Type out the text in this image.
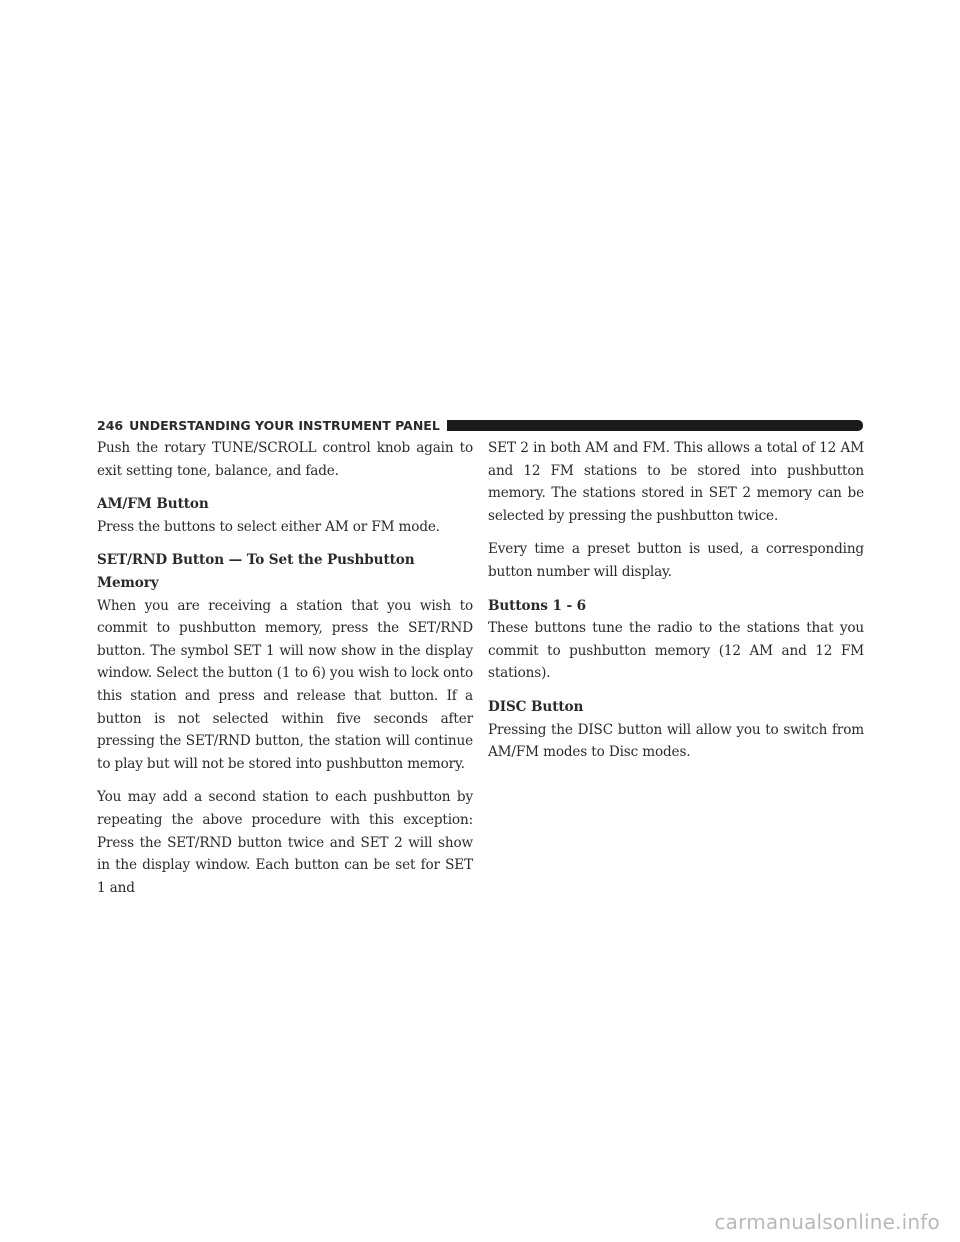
246 UNDERSTANDING YOUR INSTRUMENT PANEL

Push the rotary TUNE/SCROLL control knob again to exit setting tone, balance, and fade.

AM/FM Button

Press the buttons to select either AM or FM mode.

SET/RND Button — To Set the Pushbutton Memory

When you are receiving a station that you wish to commit to pushbutton memory, press the SET/RND button. The symbol SET 1 will now show in the display window. Select the button (1 to 6) you wish to lock onto this station and press and release that button. If a button is not selected within five seconds after pressing the SET/RND button, the station will continue to play but will not be stored into pushbutton memory.

You may add a second station to each pushbutton by repeating the above procedure with this exception: Press the SET/RND button twice and SET 2 will show in the display window. Each button can be set for SET 1 and

SET 2 in both AM and FM. This allows a total of 12 AM and 12 FM stations to be stored into pushbutton memory. The stations stored in SET 2 memory can be selected by pressing the pushbutton twice.

Every time a preset button is used, a corresponding button number will display.

Buttons 1 - 6

These buttons tune the radio to the stations that you commit to pushbutton memory (12 AM and 12 FM stations).

DISC Button

Pressing the DISC button will allow you to switch from AM/FM modes to Disc modes.

carmanualsonline.info
